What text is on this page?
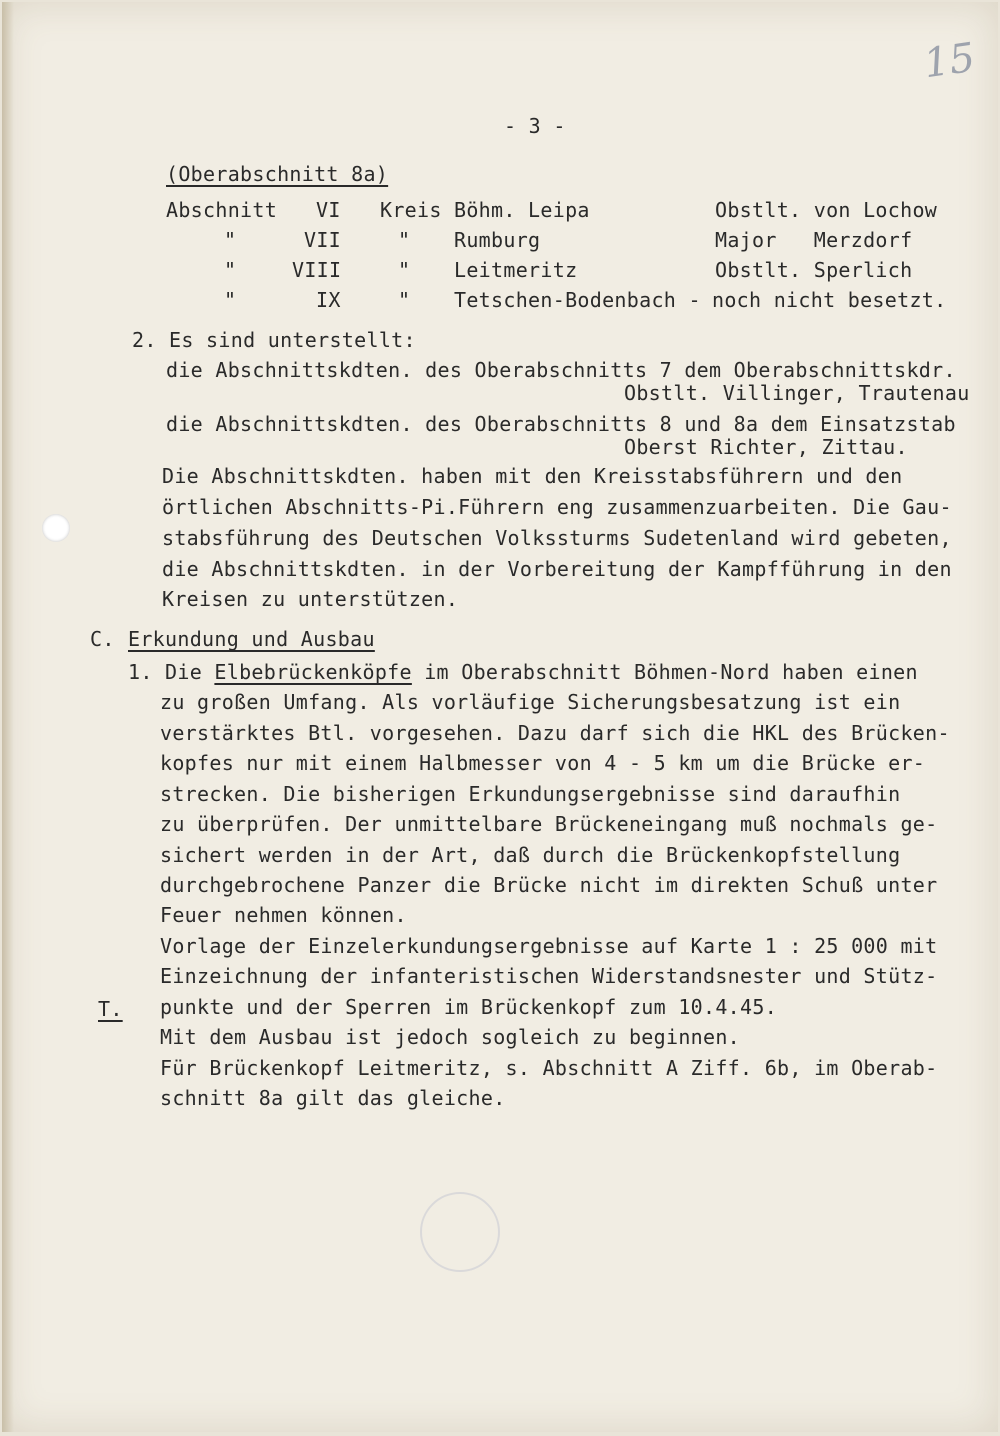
15
- 3 -
(Oberabschnitt 8a)
Abschnitt VI Kreis Böhm. Leipa	Obstlt. von Lochow
"	VII	" Rumburg	Major   Merzdorf
"	VIII	" Leitmeritz	Obstlt. Sperlich
"	IX	" Tetschen-Bodenbach - noch nicht besetzt.
2. Es sind unterstellt:
die Abschnittskdten. des Oberabschnitts 7 dem Oberabschnittskdr.
Obstlt. Villinger, Trautenau
die Abschnittskdten. des Oberabschnitts 8 und 8a dem Einsatzstab
Oberst Richter, Zittau.
Die Abschnittskdten. haben mit den Kreisstabsführern und den
örtlichen Abschnitts-Pi.Führern eng zusammenzuarbeiten. Die Gau-
stabsführung des Deutschen Volkssturms Sudetenland wird gebeten,
die Abschnittskdten. in der Vorbereitung der Kampfführung in den
Kreisen zu unterstützen.
C. Erkundung und Ausbau
1. Die Elbebrückenköpfe im Oberabschnitt Böhmen-Nord haben einen
zu großen Umfang. Als vorläufige Sicherungsbesatzung ist ein
verstärktes Btl. vorgesehen. Dazu darf sich die HKL des Brücken-
kopfes nur mit einem Halbmesser von 4 - 5 km um die Brücke er-
strecken. Die bisherigen Erkundungsergebnisse sind daraufhin
zu überprüfen. Der unmittelbare Brückeneingang muß nochmals ge-
sichert werden in der Art, daß durch die Brückenkopfstellung
durchgebrochene Panzer die Brücke nicht im direkten Schuß unter
Feuer nehmen können.
Vorlage der Einzelerkundungsergebnisse auf Karte 1 : 25 000 mit
Einzeichnung der infanteristischen Widerstandsnester und Stütz-
punkte und der Sperren im Brückenkopf zum 10.4.45.
T.
Mit dem Ausbau ist jedoch sogleich zu beginnen.
Für Brückenkopf Leitmeritz, s. Abschnitt A Ziff. 6b, im Oberab-
schnitt 8a gilt das gleiche.
